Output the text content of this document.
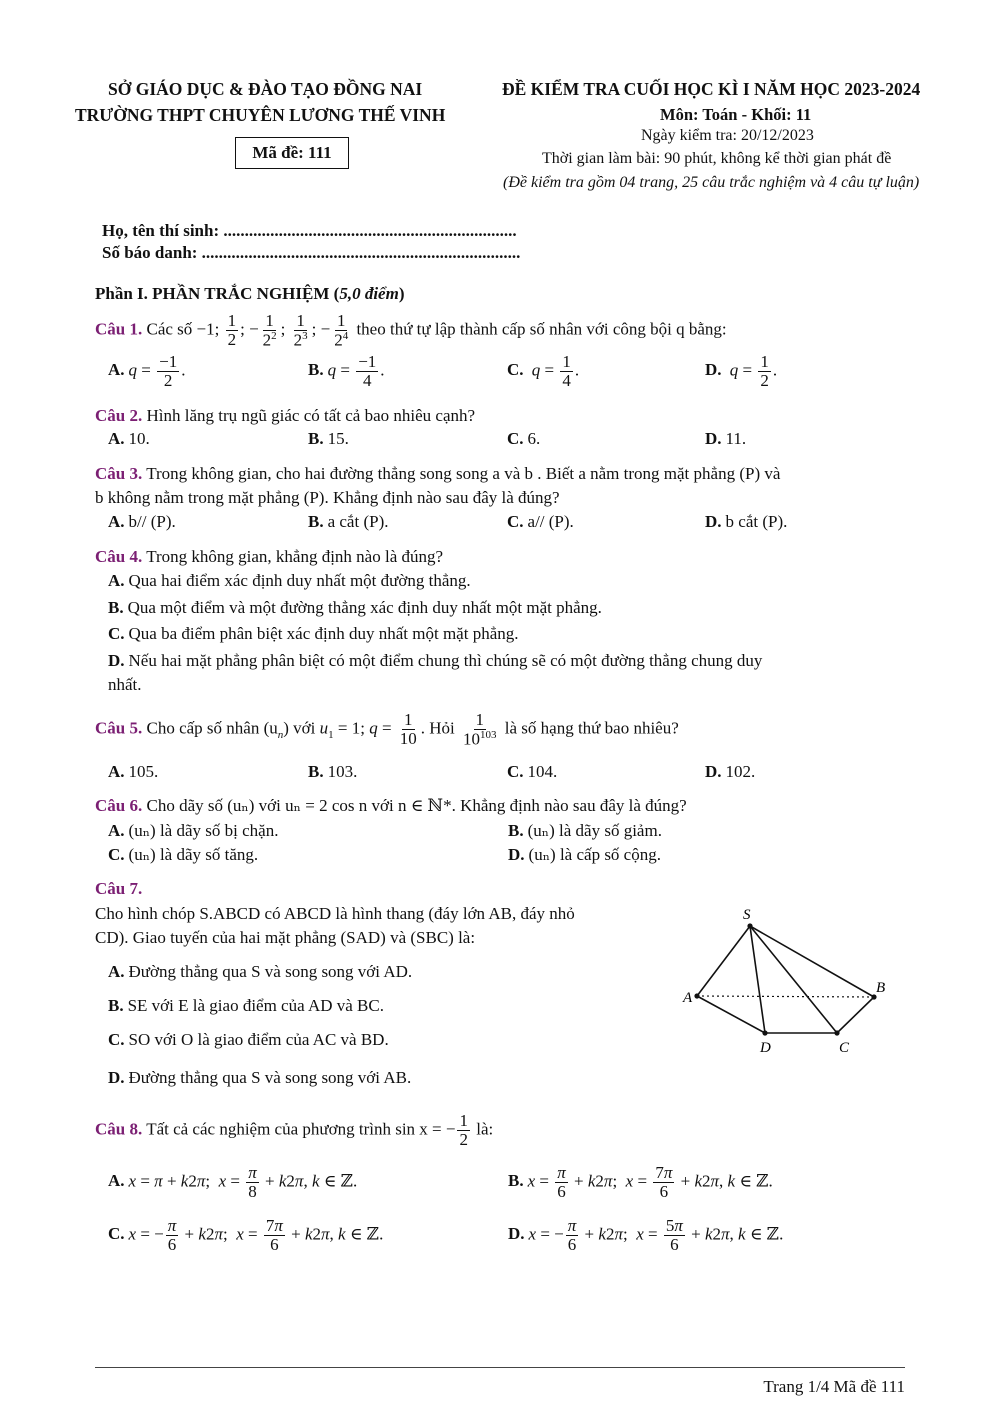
SỞ GIÁO DỤC & ĐÀO TẠO ĐỒNG NAI
TRƯỜNG THPT CHUYÊN LƯƠNG THẾ VINH
Mã đề: 111
ĐỀ KIỂM TRA CUỐI HỌC KÌ I NĂM HỌC 2023-2024
Môn: Toán - Khối: 11
Ngày kiểm tra: 20/12/2023
Thời gian làm bài: 90 phút, không kể thời gian phát đề
(Đề kiểm tra gồm 04 trang, 25 câu trắc nghiệm và 4 câu tự luận)
Họ, tên thí sinh: .....................................................................
Số báo danh: ...........................................................................
Phần I. PHẦN TRẮC NGHIỆM (5,0 điểm)
Câu 1. Các số −1; $\frac{1}{2}$ ; − $\frac{1}{2^2}$ ; $\frac{1}{2^3}$ ; − $\frac{1}{2^4}$ theo thứ tự lập thành cấp số nhân với công bội q bằng:
A. $q = \frac{-1}{2}$ .	B. $q = \frac{-1}{4}$ .	C. $q = \frac{1}{4}$ .	D. $q = \frac{1}{2}$ .
Câu 2. Hình lăng trụ ngũ giác có tất cả bao nhiêu cạnh?
A. 10.	B. 15.	C. 6.	D. 11.
Câu 3. Trong không gian, cho hai đường thẳng song song a và b . Biết a nằm trong mặt phẳng (P) và
b không nằm trong mặt phẳng (P). Khẳng định nào sau đây là đúng?
A. b// (P).	B. a cắt (P).	C. a// (P).	D. b cắt (P).
Câu 4. Trong không gian, khẳng định nào là đúng?
A. Qua hai điểm xác định duy nhất một đường thẳng.
B. Qua một điểm và một đường thẳng xác định duy nhất một mặt phẳng.
C. Qua ba điểm phân biệt xác định duy nhất một mặt phẳng.
D. Nếu hai mặt phẳng phân biệt có một điểm chung thì chúng sẽ có một đường thẳng chung duy
nhất.
Câu 5. Cho cấp số nhân $(u_n)$ với $u_1 = 1$; $q = \frac{1}{10}$ . Hỏi $\frac{1}{10^{103}}$ là số hạng thứ bao nhiêu?
A. 105.	B. 103.	C. 104.	D. 102.
Câu 6. Cho dãy số (uₙ) với uₙ = 2 cos n với n ∈ ℕ*. Khẳng định nào sau đây là đúng?
A. (uₙ) là dãy số bị chặn.	B. (uₙ) là dãy số giảm.
C. (uₙ) là dãy số tăng.	D. (uₙ) là cấp số cộng.
Câu 7.
Cho hình chóp S.ABCD có ABCD là hình thang (đáy lớn AB, đáy nhỏ
CD). Giao tuyến của hai mặt phẳng (SAD) và (SBC) là:
A. Đường thẳng qua S và song song với AD.
B. SE với E là giao điểm của AD và BC.
C. SO với O là giao điểm của AC và BD.
D. Đường thẳng qua S và song song với AB.
S
A
B
C
D
Câu 8. Tất cả các nghiệm của phương trình sin x = − $\frac{1}{2}$ là:
A. x = π + k2π;  $x = \frac{\pi}{8} + k2\pi$, k ∈ ℤ.	B. $x = \frac{\pi}{6} + k2\pi$;  $x = \frac{7\pi}{6} + k2\pi$, k ∈ ℤ.
C. x = − $\frac{\pi}{6} + k2\pi$;  $x = \frac{7\pi}{6} + k2\pi$, k ∈ ℤ.	D. x = − $\frac{\pi}{6} + k2\pi$;  $x = \frac{5\pi}{6} + k2\pi$, k ∈ ℤ.
Trang 1/4 Mã đề 111
